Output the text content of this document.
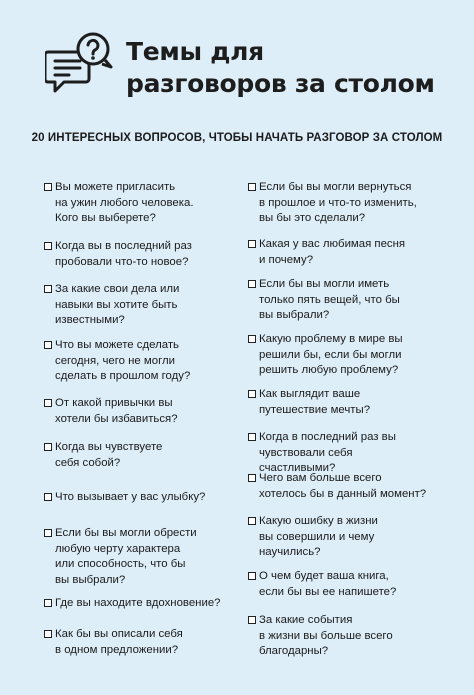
Темы для
разговоров за столом

20 ИНТЕРЕСНЫХ ВОПРОСОВ, ЧТОБЫ НАЧАТЬ РАЗГОВОР ЗА СТОЛОМ

Вы можете пригласить
на ужин любого человека.
Кого вы выберете?
Когда вы в последний раз
пробовали что-то новое?
За какие свои дела или
навыки вы хотите быть
известными?
Что вы можете сделать
сегодня, чего не могли
сделать в прошлом году?
От какой привычки вы
хотели бы избавиться?
Когда вы чувствуете
себя собой?
Что вызывает у вас улыбку?
Если бы вы могли обрести
любую черту характера
или способность, что бы
вы выбрали?
Где вы находите вдохновение?
Как бы вы описали себя
в одном предложении?
Если бы вы могли вернуться
в прошлое и что-то изменить,
вы бы это сделали?
Какая у вас любимая песня
и почему?
Если бы вы могли иметь
только пять вещей, что бы
вы выбрали?
Какую проблему в мире вы
решили бы, если бы могли
решить любую проблему?
Как выглядит ваше
путешествие мечты?
Когда в последний раз вы
чувствовали себя счастливыми?
Чего вам больше всего
хотелось бы в данный момент?
Какую ошибку в жизни
вы совершили и чему
научились?
О чем будет ваша книга,
если бы вы ее напишете?
За какие события
в жизни вы больше всего
благодарны?
